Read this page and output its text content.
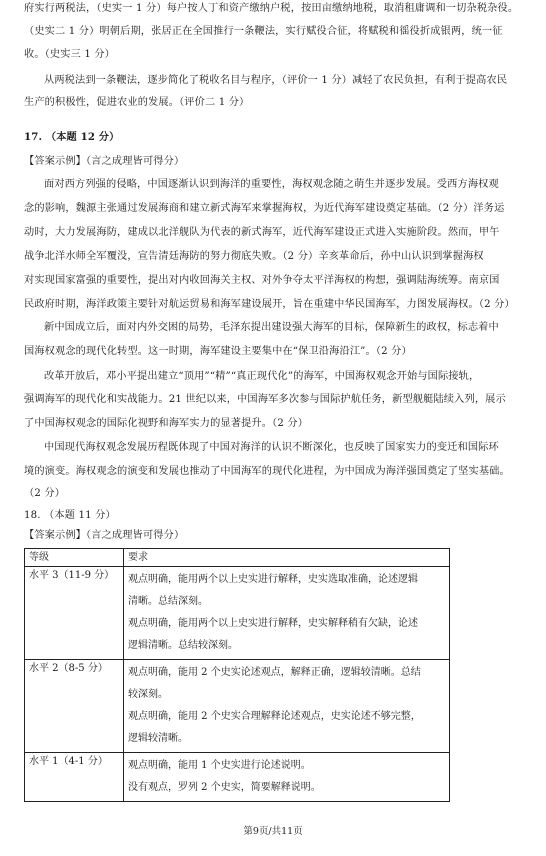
府实行两税法，（史实一 1 分）每户按人丁和资产缴纳户税，按田亩缴纳地税，取消租庸调和一切杂税杂役。
（史实二 1 分）明朝后期，张居正在全国推行一条鞭法，实行赋役合征，将赋税和徭役折成银两，统一征
收。（史实三 1 分）
从两税法到一条鞭法，逐步简化了税收名目与程序，（评价一 1 分）减轻了农民负担，有利于提高农民
生产的积极性，促进农业的发展。（评价二 1 分）
17. （本题 12 分）
【答案示例】（言之成理皆可得分）
面对西方列强的侵略，中国逐渐认识到海洋的重要性，海权观念随之萌生并逐步发展。受西方海权观
念的影响，魏源主张通过发展海商和建立新式海军来掌握海权，为近代海军建设奠定基础。（2 分）洋务运
动时，大力发展海防，建成以北洋舰队为代表的新式海军，近代海军建设正式进入实施阶段。然而，甲午
战争北洋水师全军覆没，宣告清廷海防的努力彻底失败。（2 分）辛亥革命后，孙中山认识到掌握海权
对实现国家富强的重要性，提出对内收回海关主权、对外争夺太平洋海权的构想，强调陆海统筹。南京国
民政府时期，海洋政策主要针对航运贸易和海军建设展开，旨在重建中华民国海军，力图发展海权。（2 分）
新中国成立后，面对内外交困的局势，毛泽东提出建设强大海军的目标，保障新生的政权，标志着中
国海权观念的现代化转型。这一时期，海军建设主要集中在“保卫沿海沿江”。（2 分）
改革开放后，邓小平提出建立“顶用”“精”“真正现代化”的海军，中国海权观念开始与国际接轨，
强调海军的现代化和实战能力。21 世纪以来，中国海军多次参与国际护航任务，新型舰艇陆续入列，展示
了中国海权观念的国际化视野和海军实力的显著提升。（2 分）
中国现代海权观念发展历程既体现了中国对海洋的认识不断深化，也反映了国家实力的变迁和国际环
境的演变。海权观念的演变和发展也推动了中国海军的现代化进程，为中国成为海洋强国奠定了坚实基础。
（2 分）
18. （本题 11 分）
【答案示例】（言之成理皆可得分）
等级	要求
水平 3（11-9 分）	观点明确，能用两个以上史实进行解释，史实选取准确，论述逻辑

清晰。总结深刻。

观点明确，能用两个以上史实进行解释，史实解释稍有欠缺，论述

逻辑清晰。总结较深刻。

水平 2（8-5 分）	观点明确，能用 2 个史实论述观点，解释正确，逻辑较清晰。总结

较深刻。

观点明确，能用 2 个史实合理解释论述观点，史实论述不够完整，

逻辑较清晰。

水平 1（4-1 分）	观点明确，能用 1 个史实进行论述说明。

没有观点，罗列 2 个史实，简要解释说明。

第9页/共11页
